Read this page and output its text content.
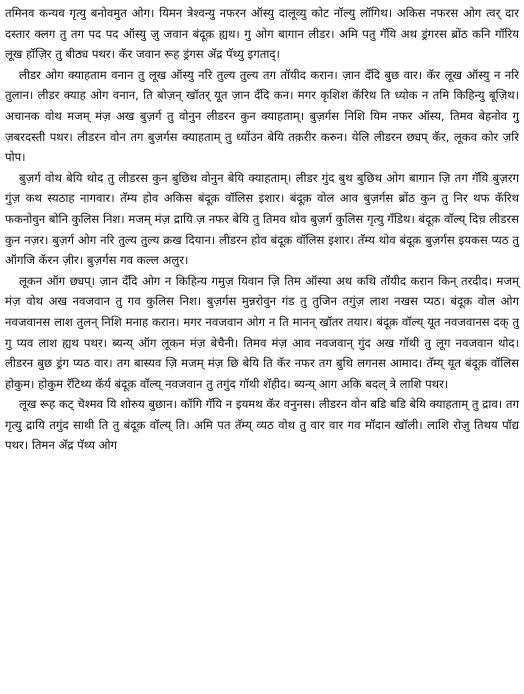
तमिनव कन्यव गृत्यु बनोवमुत ओग। यिमन त्रेश्वन्यु नफरन ऑस्यु दालूव्यु कोट नॉल्यु लॉगिथ। अकिस नफरस ओग त्वर् दार दस्तार क्लग तु तग पद पद ऑस्यु ज़ु जवान बंदूक़ ह्यथ। गु ओग बागान लीडर। अमि पतु गॅयि अथ ड्रंगरस ब्रोंठ कनि गॉरिय लूख हॉज़िर तु बीठ्य पथर। कॅर जवान रूह ड्रंगस ॲद्र पॅथ्यु इगताद्।

लीडर ओग क्याहताम वनान तु लूख ऑस्यु नरि तुल्य तुल्य तग तॉयीद करान। ज़ान दॅंदि बुछ वार। कॅर लूख ऑस्यु न नरि तुलान। लीडर क्याह ओग वनान, ति बोज़न् खॉतर् यूत ज़ान दॅंदि कन। मगर कृशिश कॅरिथ ति ध्योक न तमि किहिन्यु बूज़िथ। अचानक वोथ मजम् मंज़ अख बुज़र्ग तु वोनुन लीडरन कुन क्याहताम्। बुज़र्गस निशि यिम नफर ऑस्य, तिमव बेहनोव गु ज़बरदस्ती पथर। लीडरन वोन तग बुज़र्गस क्याहताम् तु ध्योंउन बेयि तक़रीर करुन। येलि लीडरन छ्यप् कॅर, लूकव कोर ज़रि पोप।

बुज़र्ग वोथ बेयि थोद तु लीडरस कुन बुछिथ वोनुन बेयि क्याहताम्। लीडर गुंद बुथ बुछिथ ओग बागान ज़ि तग गॅयि बुज़रग गुंज़ कथ स्यठाह नागवार। तॅम्य होव अकिस बंदूक़ वॉलिस इशार। बंदूक़ वोल आव बुज़र्गस ब्रोंठ कुन तु निर थफ कॅरिथ फकनोवुन बोनि कुलिस निश। मजम् मंज़ द्रायि ज़ नफर बेयि तु तिमव थोव बुज़र्ग कुलिस गृत्यु गॅंडिथ। बंदूक़ वॉल्य् दिच़ लीडरस कुन नज़र। बुज़र्ग ओग नरि तुल्य तुल्य क्रख दियान। लीडरन होव बंदूक़ वॉलिस इशार। तॅम्य थोव बंदूक़ बुज़र्गस इयकस प्यठ तु ऑगजि कॅरन ज़ीर। बुज़र्गस गव कल्ल अलुर।

लूकन ऑग छ्यप्। ज़ान दॅंदि ओग न किहिन्य गमुज़ यिवान ज़ि तिम ऑस्या अथ कथि तॉयीद करान किन् तरदीद। मजम् मंज़ वोथ अख नवजवान तु गव कुलिस निश। बुज़र्गस मुन्नरोवुन गंड तु तुजिन तगुंज़ लाश नखस प्यठ। बंदूक़ वोल ओग नवजवानस लाश तुलन् निशि मनाह करान। मगर नवजवान ओग न ति मानन् खॉतर तयार। बंदूक़ वॉल्य् यूत नवजवानस दक् तु गु प्यव लाश ह्यथ पथर। ब्यन्य् ऑग लूकन मंज़ बेचैनी। तिमव मंज़ आव नवजवान् गुंद अख गॉथी तु लूग नवजवान थोद। लीडरन बुछ ड्रंग प्यठ वार। तग बास्यव ज़ि मजम् मंज़ छि बेयि ति कॅर नफर तग बुथि लगनस आमाद। तॅम्य् यूत बंदूक़ वॉलिस होकुम। होकुम रॅटिथ्य कॅर्य बंदूक़ वॉल्य् नवजवान तु तगुंद गॉथी शॅहीद। ब्यन्य् आग अकि बदल् त्रे लाशि पथर।

लूख रूह कट् चॆश्मव यि शोरुय बुछान। कॉगि गॅयि न इयमथ कॅर वनुनस। लीडरन वोन बडि बडि बेयि क्याहताम् तु द्राव। तग गृत्यु द्रायि तगुंद साथी ति तु बंदूक़ वॉल्य् ति। अमि पत तॅम्य् व्यठ वोथ तु वार वार गव मॉदान खॉली। लाशि रोज़ु तिथय पॉद्य पथर। तिमन ॲद्र पॅथ्य ओग
